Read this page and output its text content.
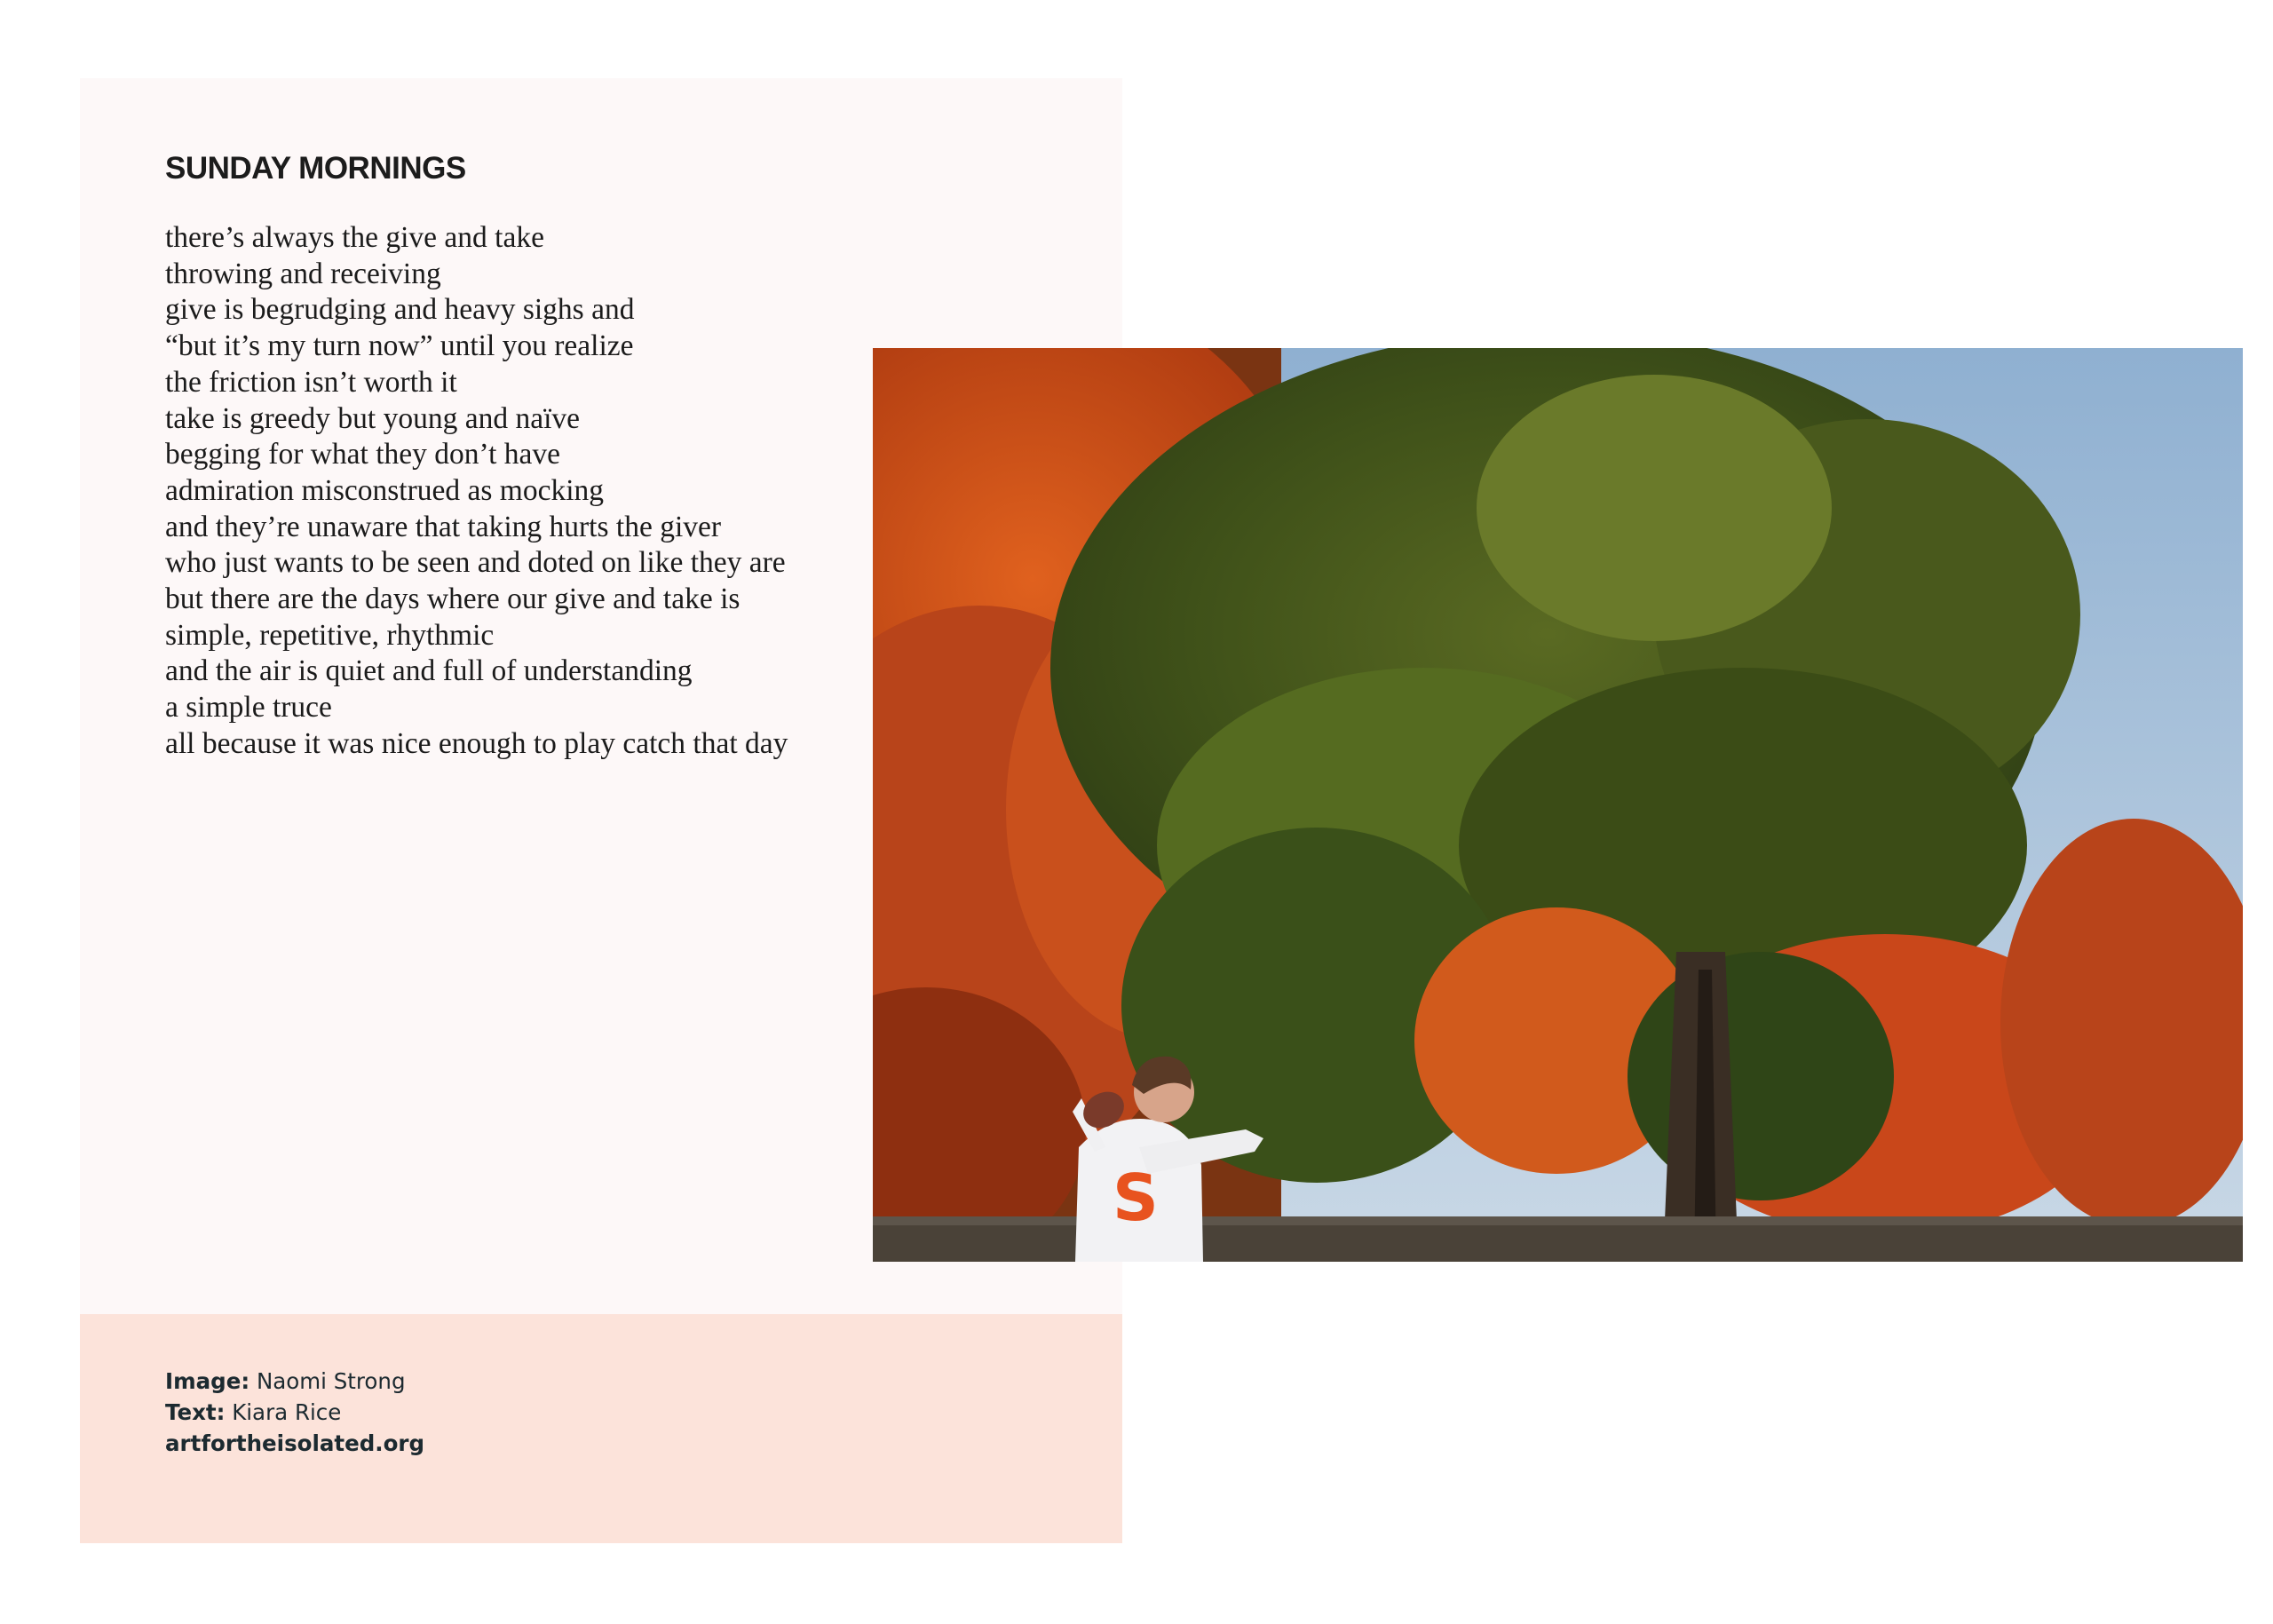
SUNDAY MORNINGS
there’s always the give and take
throwing and receiving
give is begrudging and heavy sighs and
“but it’s my turn now” until you realize
the friction isn’t worth it
take is greedy but young and naïve
begging for what they don’t have
admiration misconstrued as mocking
and they’re unaware that taking hurts the giver
who just wants to be seen and doted on like they are
but there are the days where our give and take is
simple, repetitive, rhythmic
and the air is quiet and full of understanding
a simple truce
all because it was nice enough to play catch that day
Image: Naomi Strong
Text: Kiara Rice
artfortheisolated.org
S
